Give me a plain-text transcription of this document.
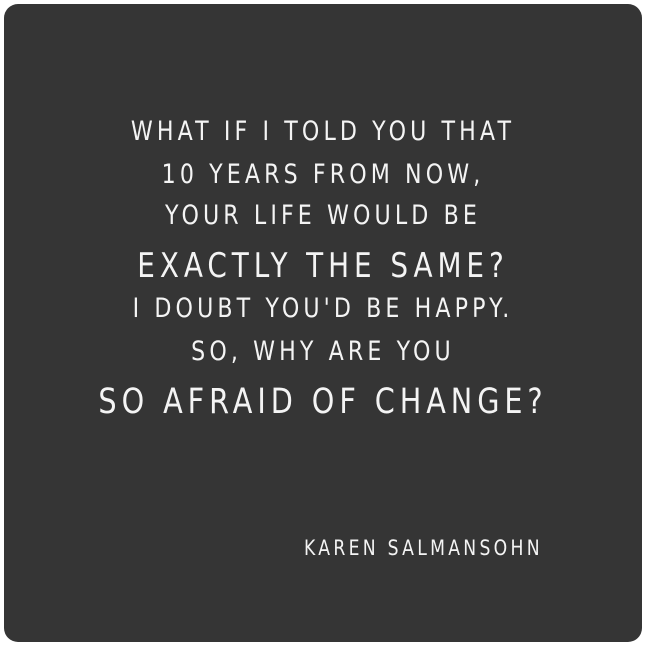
WHAT IF I TOLD YOU THAT
10 YEARS FROM NOW,
YOUR LIFE WOULD BE
EXACTLY THE SAME?
I DOUBT YOU'D BE HAPPY.
SO, WHY ARE YOU
SO AFRAID OF CHANGE?
KAREN SALMANSOHN
